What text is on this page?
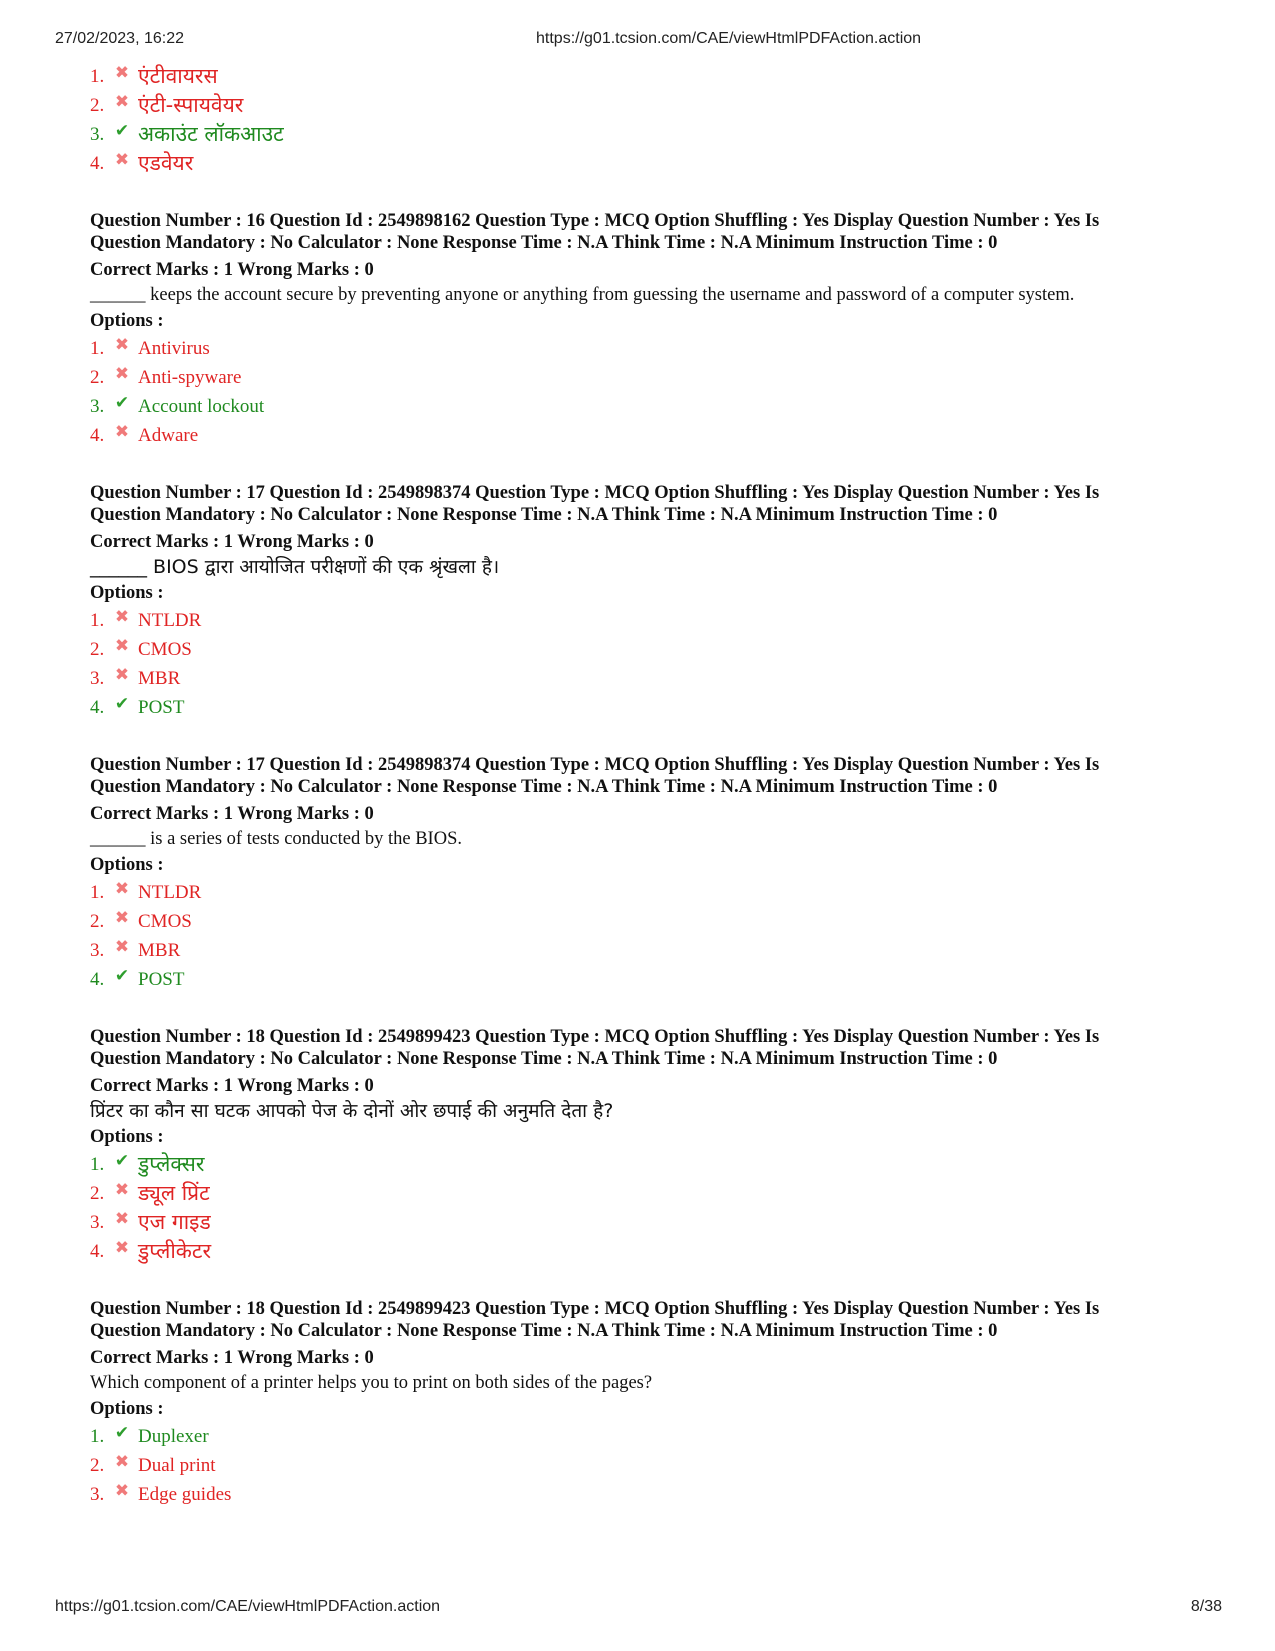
27/02/2023, 16:22	https://g01.tcsion.com/CAE/viewHtmlPDFAction.action
1. ✖ एंटीवायरस
2. ✖ एंटी-स्पायवेयर
3. ✔ अकाउंट लॉकआउट
4. ✖ एडवेयर
Question Number : 16 Question Id : 2549898162 Question Type : MCQ Option Shuffling : Yes Display Question Number : Yes Is
Question Mandatory : No Calculator : None Response Time : N.A Think Time : N.A Minimum Instruction Time : 0
Correct Marks : 1 Wrong Marks : 0
______ keeps the account secure by preventing anyone or anything from guessing the username and password of a computer system.
Options :
1. ✖ Antivirus
2. ✖ Anti-spyware
3. ✔ Account lockout
4. ✖ Adware
Question Number : 17 Question Id : 2549898374 Question Type : MCQ Option Shuffling : Yes Display Question Number : Yes Is
Question Mandatory : No Calculator : None Response Time : N.A Think Time : N.A Minimum Instruction Time : 0
Correct Marks : 1 Wrong Marks : 0
______ BIOS द्वारा आयोजित परीक्षणों की एक श्रृंखला है।
Options :
1. ✖ NTLDR
2. ✖ CMOS
3. ✖ MBR
4. ✔ POST
Question Number : 17 Question Id : 2549898374 Question Type : MCQ Option Shuffling : Yes Display Question Number : Yes Is
Question Mandatory : No Calculator : None Response Time : N.A Think Time : N.A Minimum Instruction Time : 0
Correct Marks : 1 Wrong Marks : 0
______ is a series of tests conducted by the BIOS.
Options :
1. ✖ NTLDR
2. ✖ CMOS
3. ✖ MBR
4. ✔ POST
Question Number : 18 Question Id : 2549899423 Question Type : MCQ Option Shuffling : Yes Display Question Number : Yes Is
Question Mandatory : No Calculator : None Response Time : N.A Think Time : N.A Minimum Instruction Time : 0
Correct Marks : 1 Wrong Marks : 0
प्रिंटर का कौन सा घटक आपको पेज के दोनों ओर छपाई की अनुमति देता है?
Options :
1. ✔ डुप्लेक्सर
2. ✖ ड्यूल प्रिंट
3. ✖ एज गाइड
4. ✖ डुप्लीकेटर
Question Number : 18 Question Id : 2549899423 Question Type : MCQ Option Shuffling : Yes Display Question Number : Yes Is
Question Mandatory : No Calculator : None Response Time : N.A Think Time : N.A Minimum Instruction Time : 0
Correct Marks : 1 Wrong Marks : 0
Which component of a printer helps you to print on both sides of the pages?
Options :
1. ✔ Duplexer
2. ✖ Dual print
3. ✖ Edge guides
https://g01.tcsion.com/CAE/viewHtmlPDFAction.action	8/38
